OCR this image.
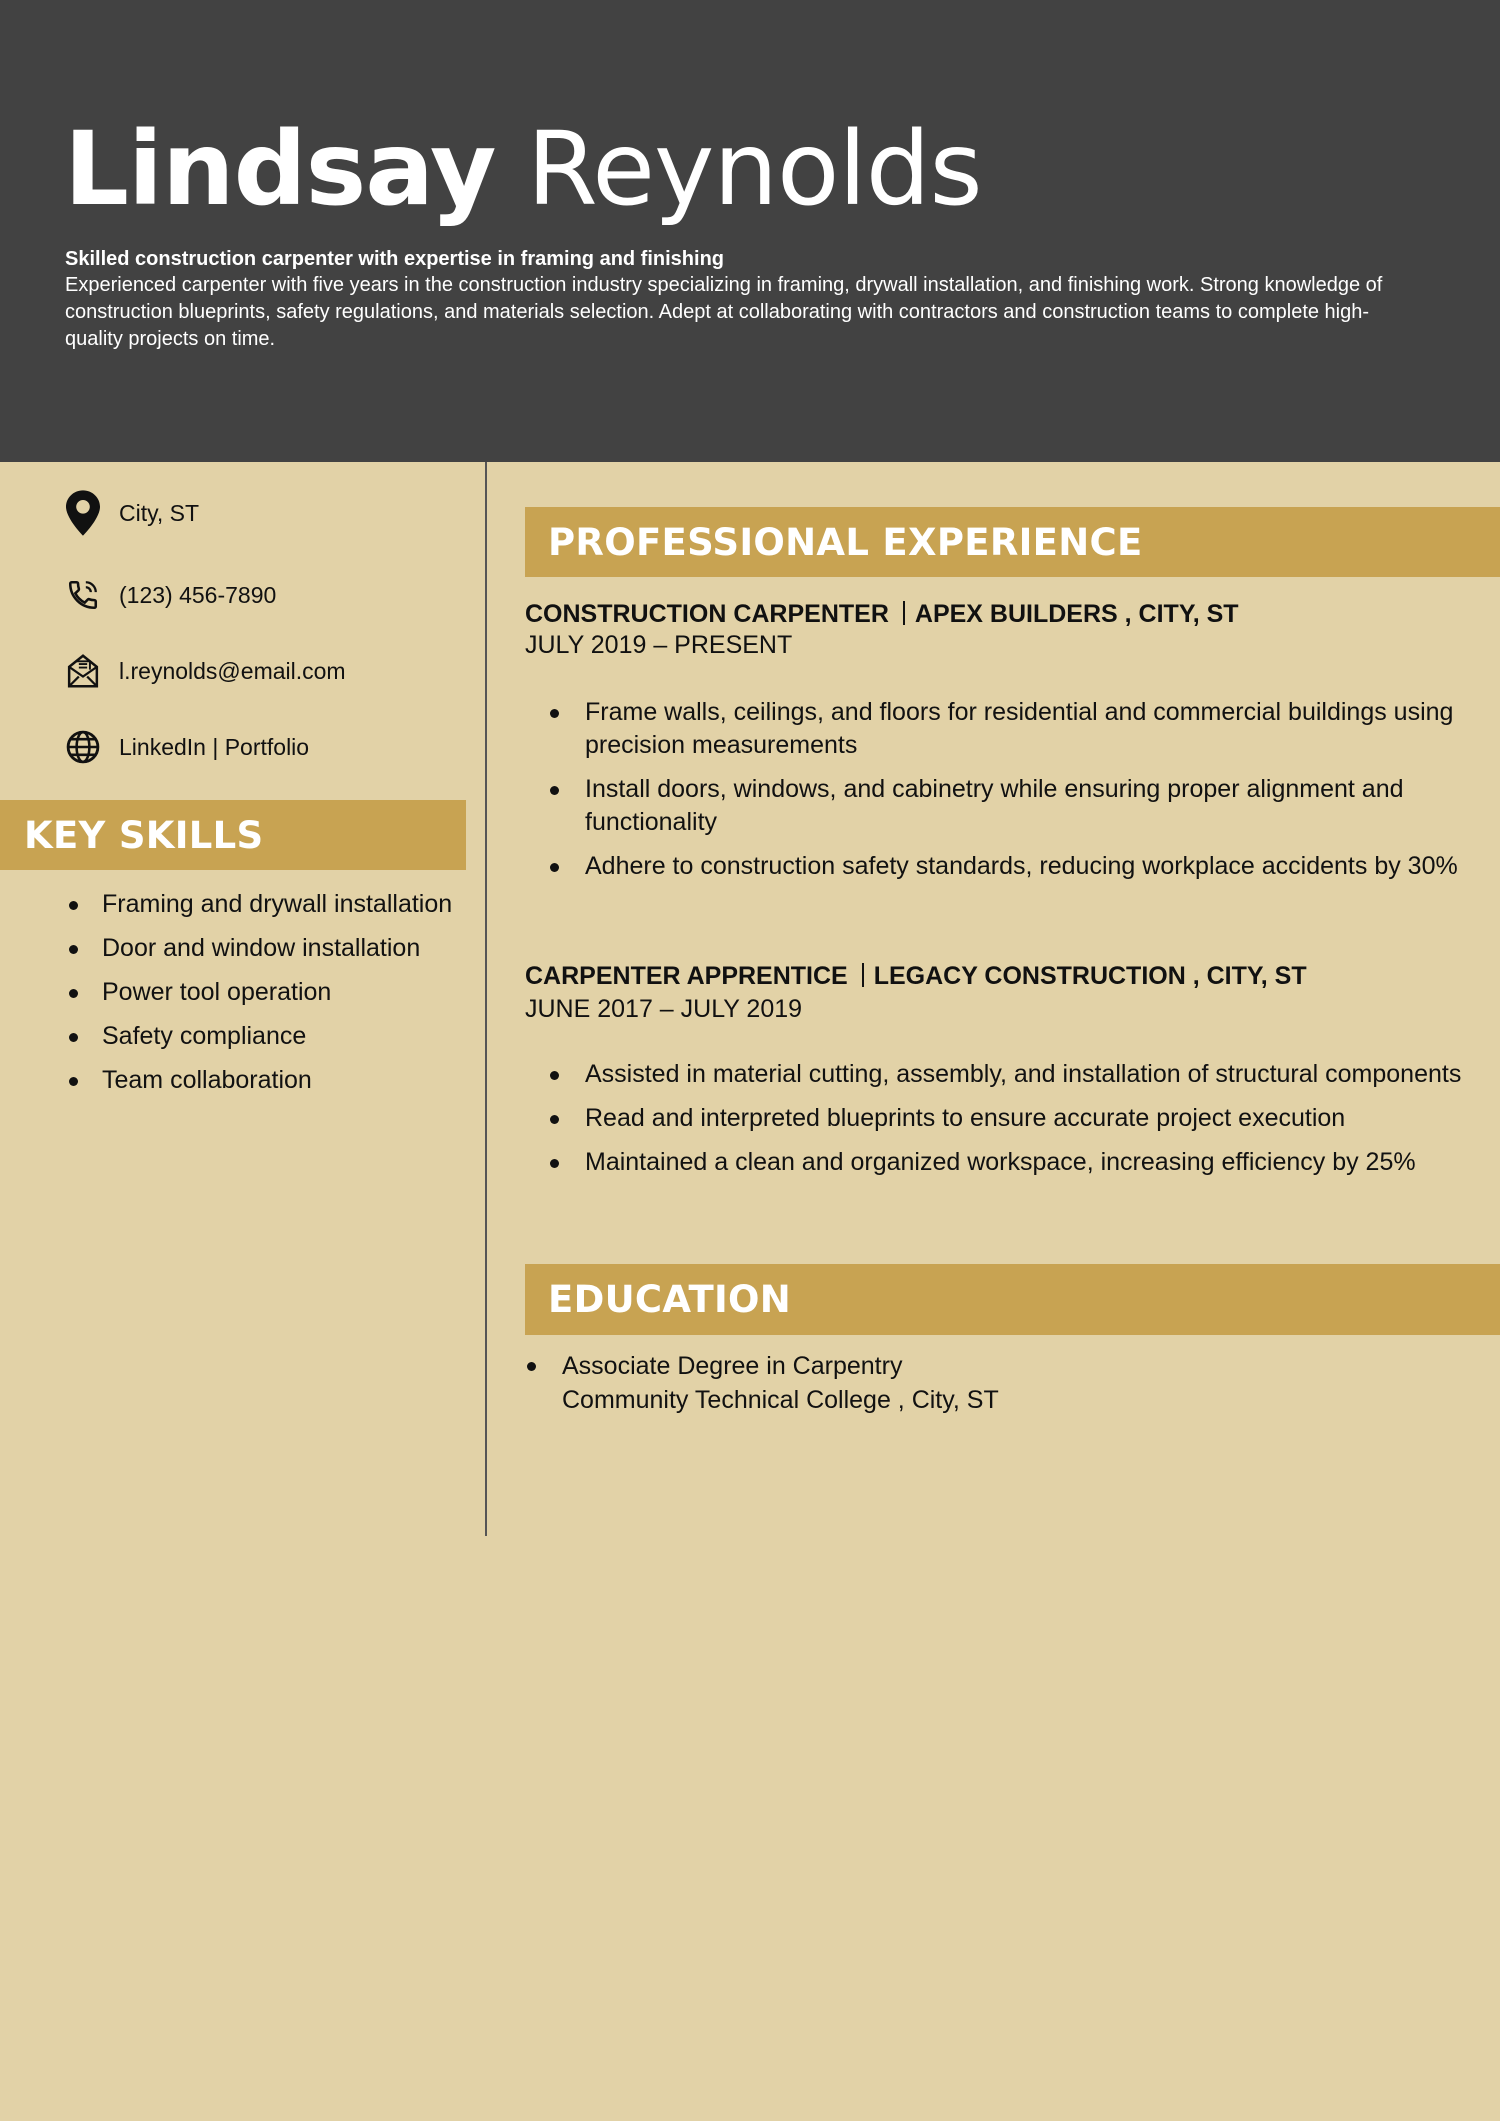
Lindsay Reynolds
Skilled construction carpenter with expertise in framing and finishing
Experienced carpenter with five years in the construction industry specializing in framing, drywall installation, and finishing work. Strong knowledge of construction blueprints, safety regulations, and materials selection. Adept at collaborating with contractors and construction teams to complete high-quality projects on time.
City, ST
(123) 456-7890
l.reynolds@email.com
LinkedIn | Portfolio
KEY SKILLS
Framing and drywall installation
Door and window installation
Power tool operation
Safety compliance
Team collaboration
PROFESSIONAL EXPERIENCE
CONSTRUCTION CARPENTER APEX BUILDERS , CITY, ST
JULY 2019 – PRESENT
Frame walls, ceilings, and floors for residential and commercial buildings using precision measurements
Install doors, windows, and cabinetry while ensuring proper alignment and functionality
Adhere to construction safety standards, reducing workplace accidents by 30%
CARPENTER APPRENTICE LEGACY CONSTRUCTION , CITY, ST
JUNE 2017 – JULY 2019
Assisted in material cutting, assembly, and installation of structural components
Read and interpreted blueprints to ensure accurate project execution
Maintained a clean and organized workspace, increasing efficiency by 25%
EDUCATION
Associate Degree in Carpentry
Community Technical College , City, ST
